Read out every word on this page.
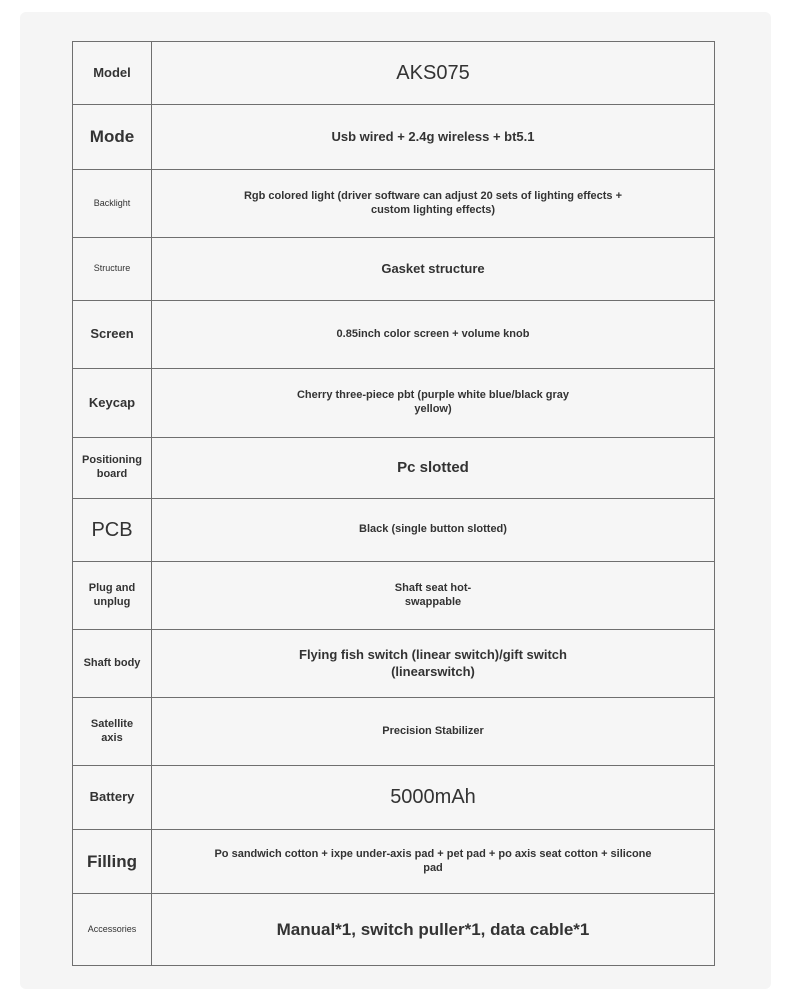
Model	AKS075
Mode	Usb wired + 2.4g wireless + bt5.1
Backlight	Rgb colored light (driver software can adjust 20 sets of lighting effects + custom lighting effects)
Structure	Gasket structure
Screen	0.85inch color screen + volume knob
Keycap	Cherry three-piece pbt (purple white blue/black gray yellow)
Positioning board	Pc slotted
PCB	Black (single button slotted)
Plug and unplug	Shaft seat hot-swappable
Shaft body	Flying fish switch (linear switch)/gift switch (linearswitch)
Satellite axis	Precision Stabilizer
Battery	5000mAh
Filling	Po sandwich cotton + ixpe under-axis pad + pet pad + po axis seat cotton + silicone pad
Accessories	Manual*1, switch puller*1, data cable*1
